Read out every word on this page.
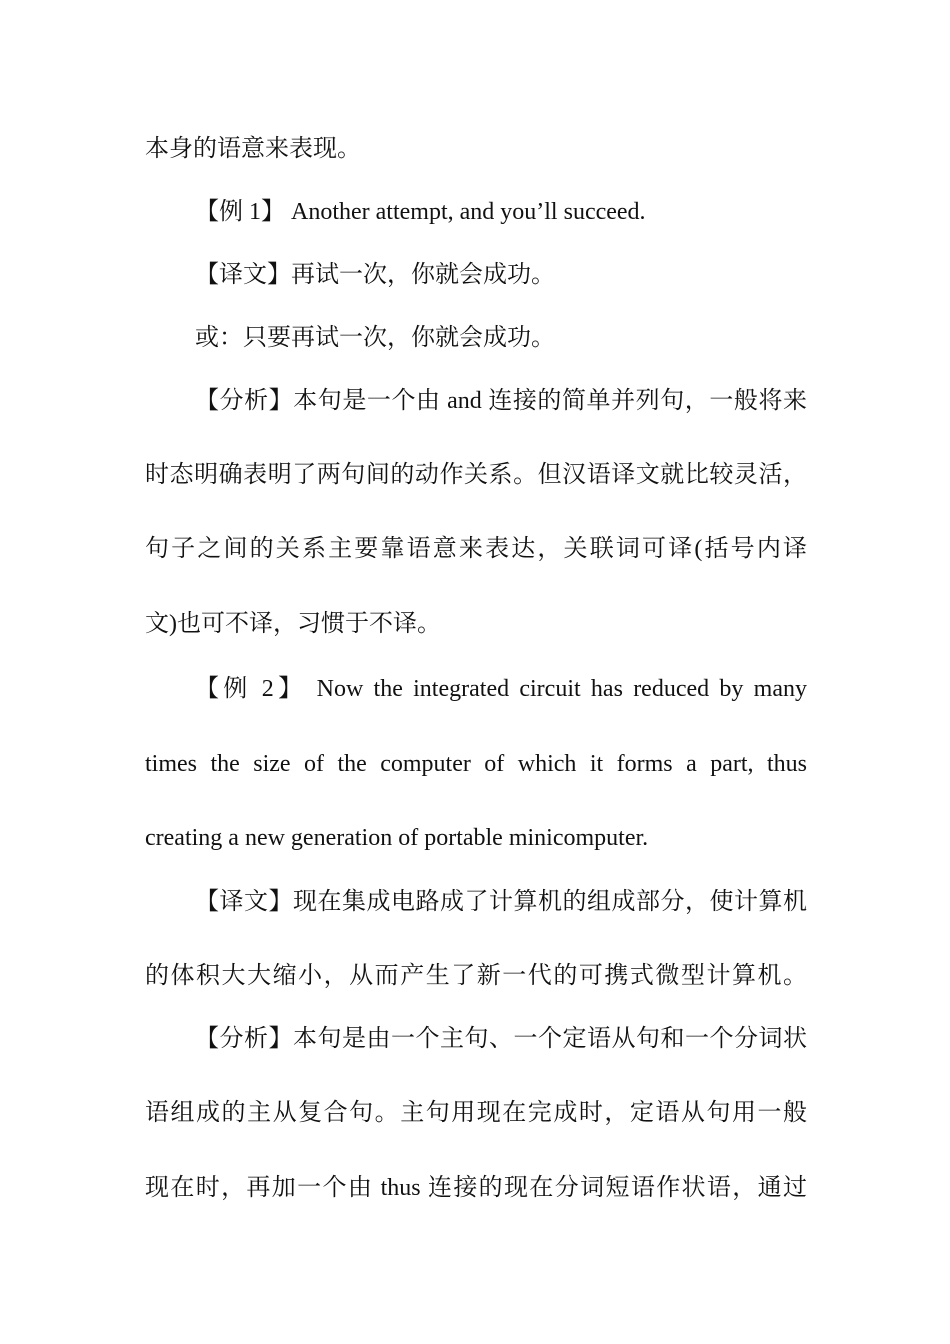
本身的语意来表现。
【例 1】 Another attempt, and you’ll succeed.
【译文】再试一次，你就会成功。
或：只要再试一次，你就会成功。
【分析】本句是一个由 and 连接的简单并列句，一般将来
时态明确表明了两句间的动作关系。但汉语译文就比较灵活，
句子之间的关系主要靠语意来表达，关联词可译(括号内译
文)也可不译，习惯于不译。
【例 2】 Now the integrated circuit has reduced by many
times the size of the computer of which it forms a part, thus
creating a new generation of portable minicomputer.
【译文】现在集成电路成了计算机的组成部分，使计算机
的体积大大缩小，从而产生了新一代的可携式微型计算机。
【分析】本句是由一个主句、一个定语从句和一个分词状
语组成的主从复合句。主句用现在完成时，定语从句用一般
现在时，再加一个由 thus 连接的现在分词短语作状语，通过
